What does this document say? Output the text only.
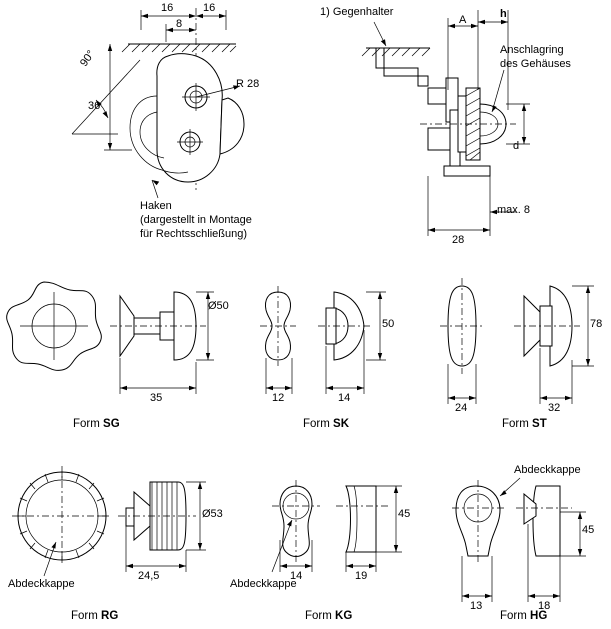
16	16
8
36
90°
R 28
Haken
(dargestellt in Montage
für Rechtsschließung)
1) Gegenhalter
Anschlagring
des Gehäuses
A	h
d
28
max. 8
Ø50
35
Form SG
50
12	14
Form SK
78
24	32
Form ST
Ø53
24,5
Abdeckkappe
Form RG
45
14	19
Abdeckkappe
Form KG
45
13	18
Abdeckkappe
Form HG
